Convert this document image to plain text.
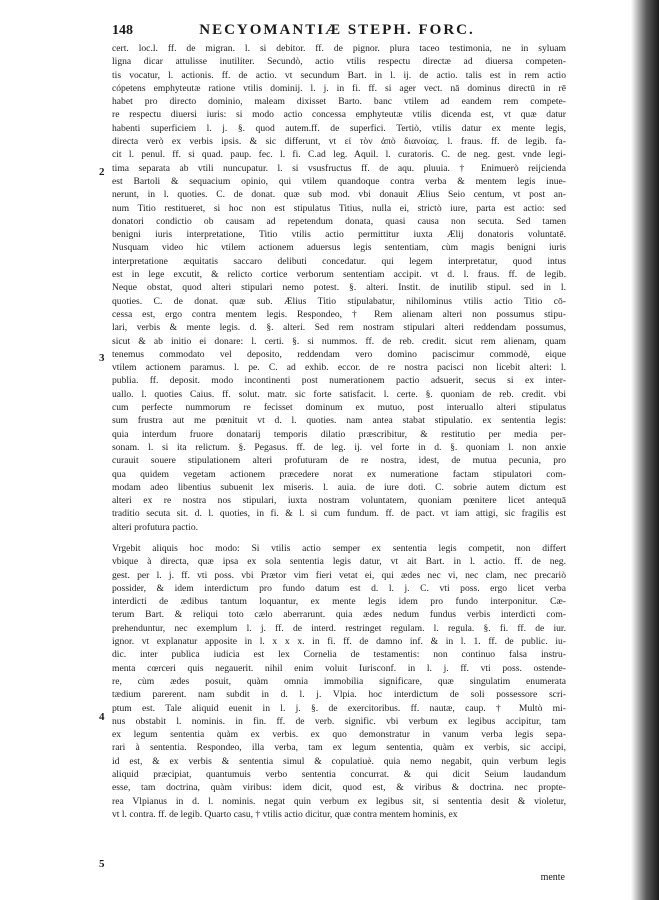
148	NECYOMANTIÆ STEPH. FORC.
cert. loc.l. ff. de migran. l. si debitor. ff. de pignor. plura taceo testimonia, ne in syluam
ligna dicar attulisse inutiliter. Secundò, actio vtilis respectu directæ ad diuersa competen-
tis vocatur, l. actionis. ff. de actio. vt secundum Bart. in l. ij. de actio. talis est in rem actio
cópetens emphyteutæ ratione vtilis dominij. l. j. in fi. ff. si ager vect. nā dominus directū in rē
habet pro directo dominio, maleam dixisset Barto. banc vtilem ad eandem rem compete-
re respectu diuersi iuris: si modo actio concessa emphyteutæ vtilis dicenda est, vt quæ datur
habenti superficiem l. j. §. quod autem.ff. de superfici. Tertiò, vtilis datur ex mente legis,
directa verò ex verbis ipsis. & sic differunt, vt εἰ τὸν ἀπὸ διανοίας. l. fraus. ff. de legib. fa-
cit l. penul. ff. si quad. paup. fec. l. fi. C.ad leg. Aquil. l. curatoris. C. de neg. gest. vnde legi-
tima separata ab vtili nuncupatur. l. si vsusfructus ff. de aqu. pluuia. † Enimuerò reijcienda
est Bartoli & sequacium opinio, qui vtilem quandoque contra verba & mentem legis inue-
nerunt, in l. quoties. C. de donat. quæ sub mod. vbi donauit Ælius Seio centum, vt post an-
num Titio restitueret, si hoc non est stipulatus Titius, nulla ei, strictò iure, parta est actio: sed
donatori condictio ob causam ad repetendum donata, quasi causa non secuta. Sed tamen
benigni iuris interpretatione, Titio vtilis actio permittitur iuxta Ælij donatoris voluntatē.
Nusquam video hic vtilem actionem aduersus legis sententiam, cùm magis benigni iuris
interpretatione æquitatis saccaro delibuti concedatur. qui legem interpretatur, quod intus
est in lege excutit, & relicto cortice verborum sententiam accipit. vt d. l. fraus. ff. de legib.
Neque obstat, quod alteri stipulari nemo potest. §. alteri. Instit. de inutilib stipul. sed in l.
quoties. C. de donat. quæ sub. Ælius Titio stipulabatur, nihilominus vtilis actio Titio cō-
cessa est, ergo contra mentem legis. Respondeo, † Rem alienam alteri non possumus stipu-
lari, verbis & mente legis. d. §. alteri. Sed rem nostram stipulari alteri reddendam possumus,
sicut & ab initio ei donare: l. certi. §. si nummos. ff. de reb. credit. sicut rem alienam, quam
tenemus commodato vel deposito, reddendam vero domino paciscimur commodè, eique
vtilem actionem paramus. l. pe. C. ad exhib. eccor. de re nostra pacisci non licebit alteri: l.
publia. ff. deposit. modo incontinenti post numerationem pactio adsuerit, secus si ex inter-
uallo. l. quoties Caius. ff. solut. matr. sic forte satisfacit. l. certe. §. quoniam de reb. credit. vbi
cum perfecte nummorum re fecisset dominum ex mutuo, post interuallo alteri stipulatus
sum frustra aut me pœnituit vt d. l. quoties. nam antea stabat stipulatio. ex sententia legis:
quia interdum fruore donatarij temporis dilatio præscribitur, & restitutio per media per-
sonam. l. si ita relictum. §. Pegasus. ff. de leg. ij. vel forte in d. §. quoniam l. non anxie
curauit souere stipulationem alteri profuturam de re nostra, idest, de mutua pecunia, pro
qua quidem vegetam actionem præcedere norat ex numeratione factam stipulatori com-
modam adeo libentius subuenit lex miseris. l. auia. de iure doti. C. sobrie autem dictum est
alteri ex re nostra nos stipulari, iuxta nostram voluntatem, quoniam pœnitere licet antequā
traditio secuta sit. d. l. quoties, in fi. & l. si cum fundum. ff. de pact. vt iam attigi, sic fragilis est
alteri profutura pactio.
Vrgebit aliquis hoc modo: Si vtilis actio semper ex sententia legis competit, non differt
vbique à directa, quæ ipsa ex sola sententia legis datur, vt ait Bart. in l. actio. ff. de neg.
gest. per l. j. ff. vti poss. vbi Prætor vim fieri vetat ei, qui ædes nec vi, nec clam, nec precariò
possider, & idem interdictum pro fundo datum est d. l. j. C. vti poss. ergo licet verba
interdicti de ædibus tantum loquantur, ex mente legis idem pro fundo interponitur. Cæ-
terum Bart. & reliqui toto cælo aberrarunt. quia ædes nedum fundus verbis interdicti com-
prehenduntur, nec exemplum l. j. ff. de interd. restringet regulam. l. regula. §. fi. ff. de iur.
ignor. vt explanatur apposite in l. x x x. in fi. ff. de damno inf. & in l. 1. ff. de public. iu-
dic. inter publica iudicia est lex Cornelia de testamentis: non continuo falsa instru-
menta cœrceri quis negauerit. nihil enim voluit Iurisconf. in l. j. ff. vti poss. ostende-
re, cùm ædes posuit, quàm omnia immobilia significare, quæ singulatim enumerata
tædium parerent. nam subdit in d. l. j. Vlpia. hoc interdictum de soli possessore scri-
ptum est. Tale aliquid euenit in l. j. §. de exercitoribus. ff. nautæ, caup. † Multò mi-
nus obstabit l. nominis. in fin. ff. de verb. signific. vbi verbum ex legibus accipitur, tam
ex legum sententia quàm ex verbis. ex quo demonstratur in vanum verba legis sepa-
rari à sententia. Respondeo, illa verba, tam ex legum sententia, quàm ex verbis, sic accipi,
id est, & ex verbis & sententia simul & copulatiuè. quia nemo negabit, quin verbum legis
aliquid præcipiat, quantumuis verbo sententia concurrat. & qui dicit Seium laudandum
esse, tam doctrina, quàm viribus: idem dicit, quod est, & viribus & doctrina. nec propte-
rea Vlpianus in d. l. nominis. negat quin verbum ex legibus sit, si sententia desit & violetur,
vt l. contra. ff. de legib. Quarto casu, † vtilis actio dicitur, quæ contra mentem hominis, ex
2
3
4
5
mente
